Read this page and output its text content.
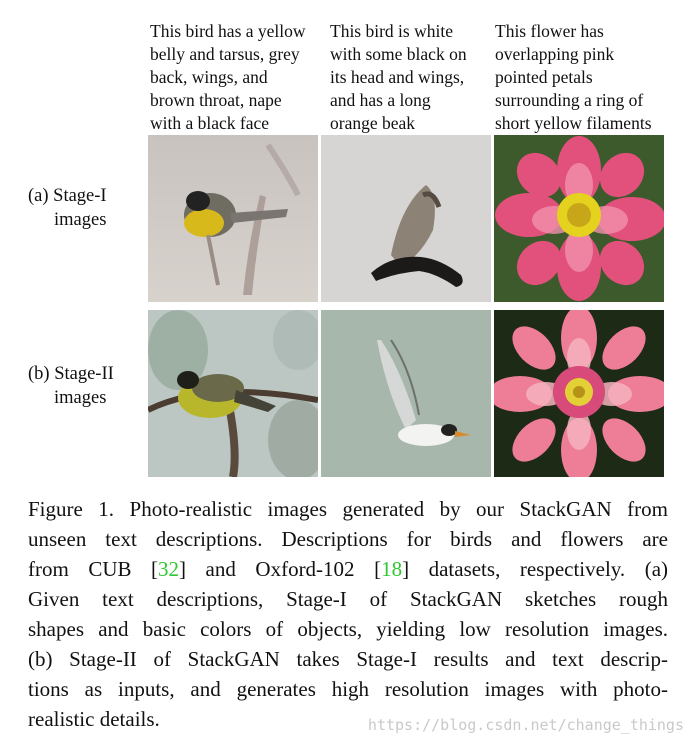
This bird has a yellow
belly and tarsus, grey
back, wings, and
brown throat, nape
with a black face
This bird is white
with some black on
its head and wings,
and has a long
orange beak
This flower has
overlapping pink
pointed petals
surrounding a ring of
short yellow filaments
(a) Stage-I
images
(b) Stage-II
images
Figure 1. Photo-realistic images generated by our StackGAN from
unseen text descriptions. Descriptions for birds and flowers are
from CUB [32] and Oxford-102 [18] datasets, respectively. (a)
Given text descriptions, Stage-I of StackGAN sketches rough
shapes and basic colors of objects, yielding low resolution images.
(b) Stage-II of StackGAN takes Stage-I results and text descrip-
tions as inputs, and generates high resolution images with photo-
realistic details.	https://blog.csdn.net/change_things
